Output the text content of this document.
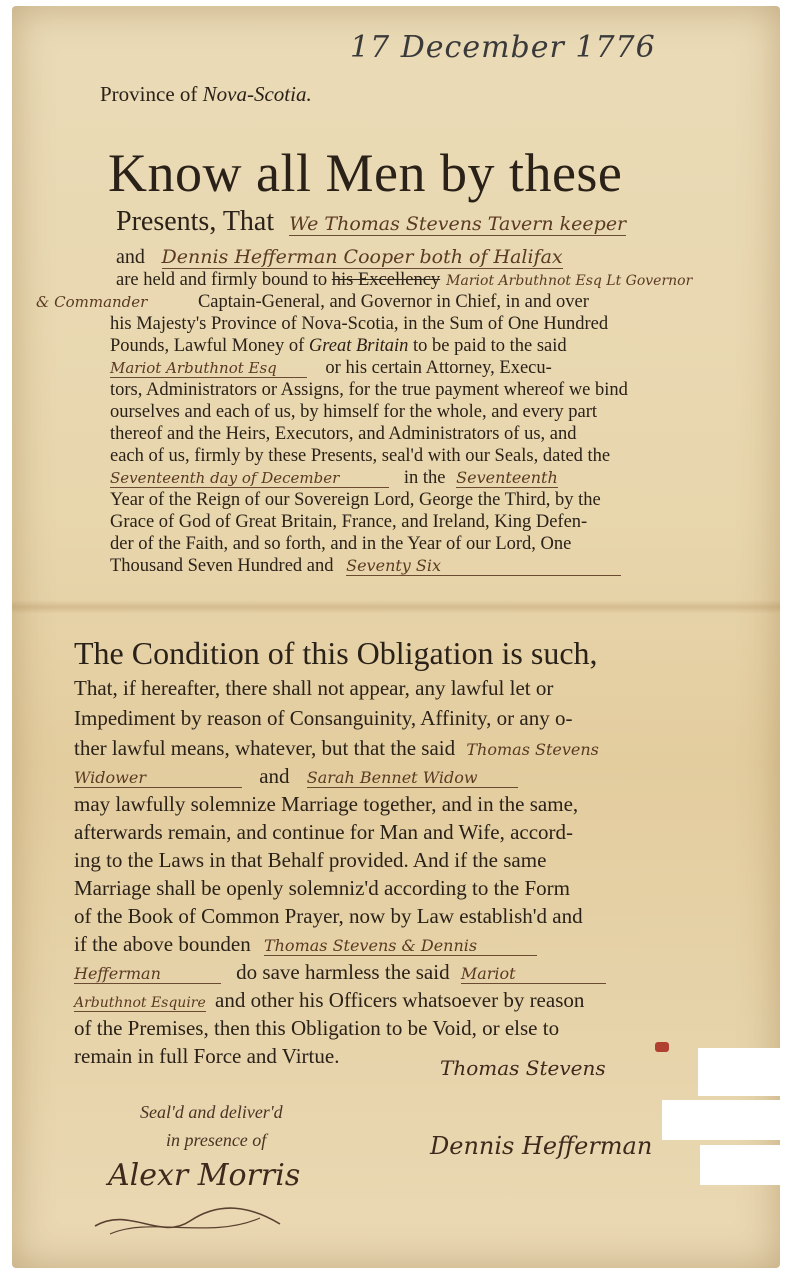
17 December 1776
Province of Nova-Scotia.
Know all Men by these
Presents, That We Thomas Stevens Tavern keeper
and Dennis Hefferman Cooper both of Halifax
are held and firmly bound to his Excellency Mariot Arbuthnot Esq Lt Governor
& Commander	Captain-General, and Governor in Chief, in and over
his Majesty's Province of Nova-Scotia, in the Sum of One Hundred
Pounds, Lawful Money of Great Britain to be paid to the said
Mariot Arbuthnot Esq	or his certain Attorney, Execu-
tors, Administrators or Assigns, for the true payment whereof we bind
ourselves and each of us, by himself for the whole, and every part
thereof and the Heirs, Executors, and Administrators of us, and
each of us, firmly by these Presents, seal'd with our Seals, dated the
Seventeenth day of December	in the Seventeenth
Year of the Reign of our Sovereign Lord, George the Third, by the
Grace of God of Great Britain, France, and Ireland, King Defen-
der of the Faith, and so forth, and in the Year of our Lord, One
Thousand Seven Hundred and Seventy Six
The Condition of this Obligation is such,
That, if hereafter, there shall not appear, any lawful let or
Impediment by reason of Consanguinity, Affinity, or any o-
ther lawful means, whatever, but that the said Thomas Stevens
Widower	and Sarah Bennet Widow
may lawfully solemnize Marriage together, and in the same,
afterwards remain, and continue for Man and Wife, accord-
ing to the Laws in that Behalf provided. And if the same
Marriage shall be openly solemniz'd according to the Form
of the Book of Common Prayer, now by Law establish'd and
if the above bounden Thomas Stevens & Dennis
Hefferman	do save harmless the said Mariot
Arbuthnot Esquire and other his Officers whatsoever by reason
of the Premises, then this Obligation to be Void, or else to
remain in full Force and Virtue.	Thomas Stevens
Seal'd and deliver'd
in presence of
Alexr Morris
Dennis Hefferman
